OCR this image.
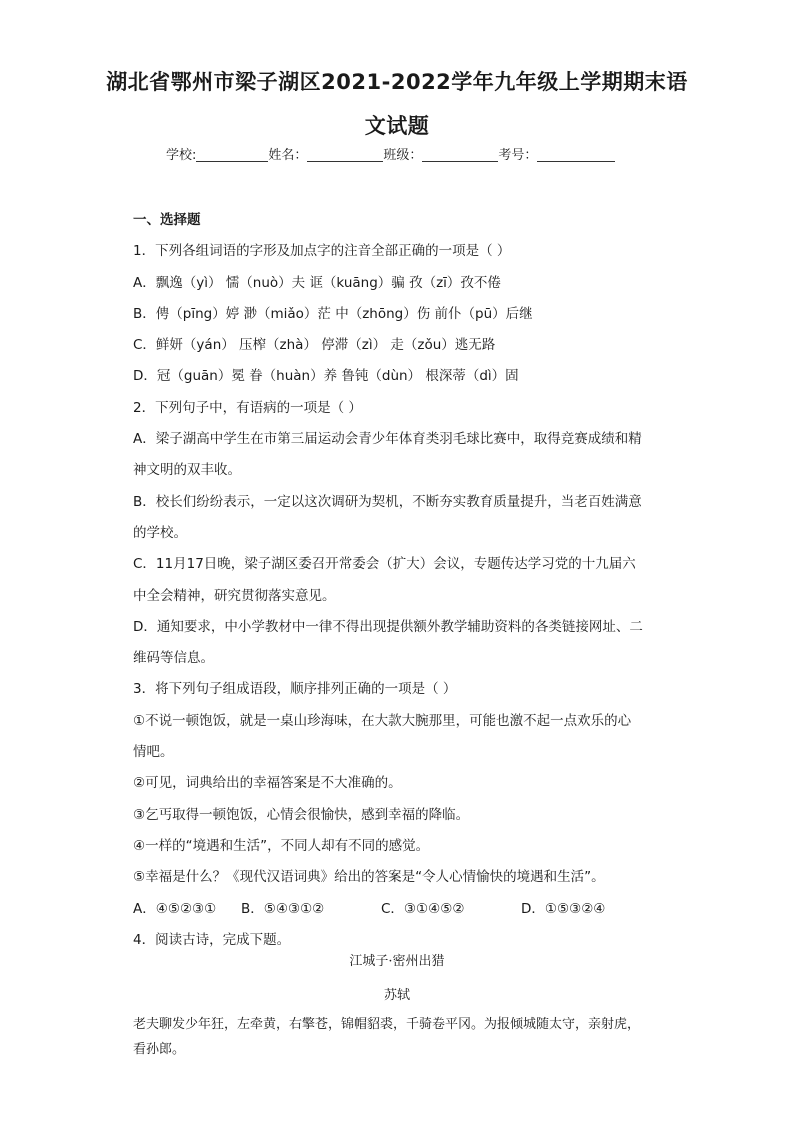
湖北省鄂州市梁子湖区2021-2022学年九年级上学期期末语
文试题
学校:	姓名：	班级：	考号：

一、选择题

1．下列各组词语的字形及加点字的注音全部正确的一项是（ ）

A．飘逸（yì） 懦（nuò）夫 诓（kuāng）骗 孜（zī）孜不倦

B．俜（pīng）婷 渺（miǎo）茫 中（zhōng）伤 前仆（pū）后继

C．鲜妍（yán） 压榨（zhà） 停滞（zì） 走（zǒu）逃无路

D．冠（guān）冕 眷（huàn）养 鲁钝（dùn） 根深蒂（dì）固

2．下列句子中，有语病的一项是（ ）

A．梁子湖高中学生在市第三届运动会青少年体育类羽毛球比赛中，取得竞赛成绩和精

神文明的双丰收。

B．校长们纷纷表示，一定以这次调研为契机，不断夯实教育质量提升，当老百姓满意

的学校。

C．11月17日晚，梁子湖区委召开常委会（扩大）会议，专题传达学习党的十九届六

中全会精神，研究贯彻落实意见。

D．通知要求，中小学教材中一律不得出现提供额外教学辅助资料的各类链接网址、二

维码等信息。

3．将下列句子组成语段，顺序排列正确的一项是（ ）

①不说一顿饱饭，就是一桌山珍海味，在大款大腕那里，可能也激不起一点欢乐的心

情吧。

②可见，词典给出的幸福答案是不大准确的。

③乞丐取得一顿饱饭，心情会很愉快，感到幸福的降临。

④一样的“境遇和生活”，不同人却有不同的感觉。

⑤幸福是什么？《现代汉语词典》给出的答案是“令人心情愉快的境遇和生活”。

A．④⑤②③①	B．⑤④③①②	C．③①④⑤②	D．①⑤③②④

4．阅读古诗，完成下题。

江城子·密州出猎

苏轼

老夫聊发少年狂，左牵黄，右擎苍，锦帽貂裘，千骑卷平冈。为报倾城随太守，亲射虎，
看孙郎。
